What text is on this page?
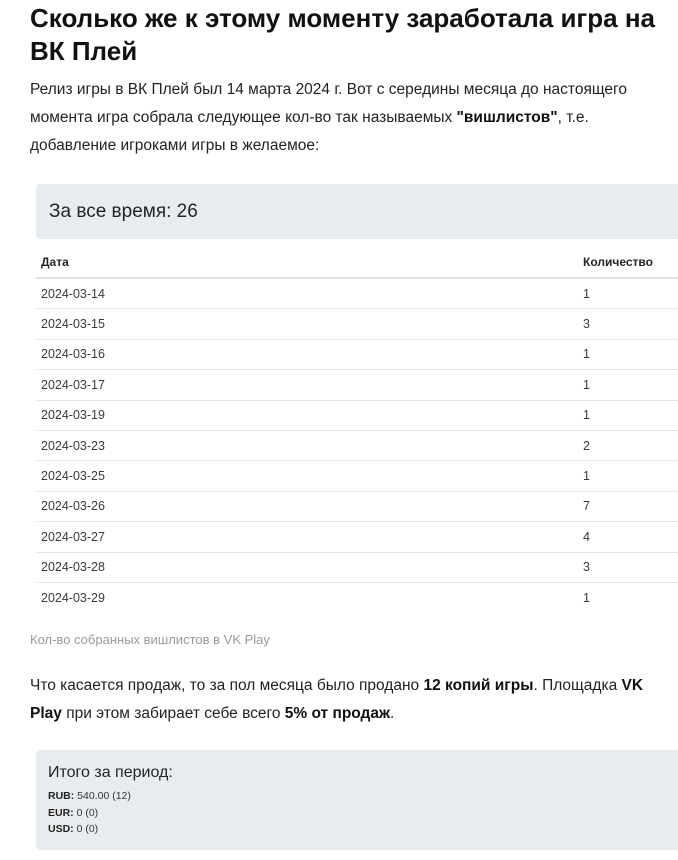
Сколько же к этому моменту заработала игра на ВК Плей

Релиз игры в ВК Плей был 14 марта 2024 г. Вот с середины месяца до настоящего момента игра собрала следующее кол-во так называемых "вишлистов", т.е. добавление игроками игры в желаемое:

За все время: 26
Дата	Количество
2024-03-14	1
2024-03-15	3
2024-03-16	1
2024-03-17	1
2024-03-19	1
2024-03-23	2
2024-03-25	1
2024-03-26	7
2024-03-27	4
2024-03-28	3
2024-03-29	1
Кол-во собранных вишлистов в VK Play

Что касается продаж, то за пол месяца было продано 12 копий игры. Площадка VK Play при этом забирает себе всего 5% от продаж.

Итого за период:
RUB: 540.00 (12)
EUR: 0 (0)
USD: 0 (0)
